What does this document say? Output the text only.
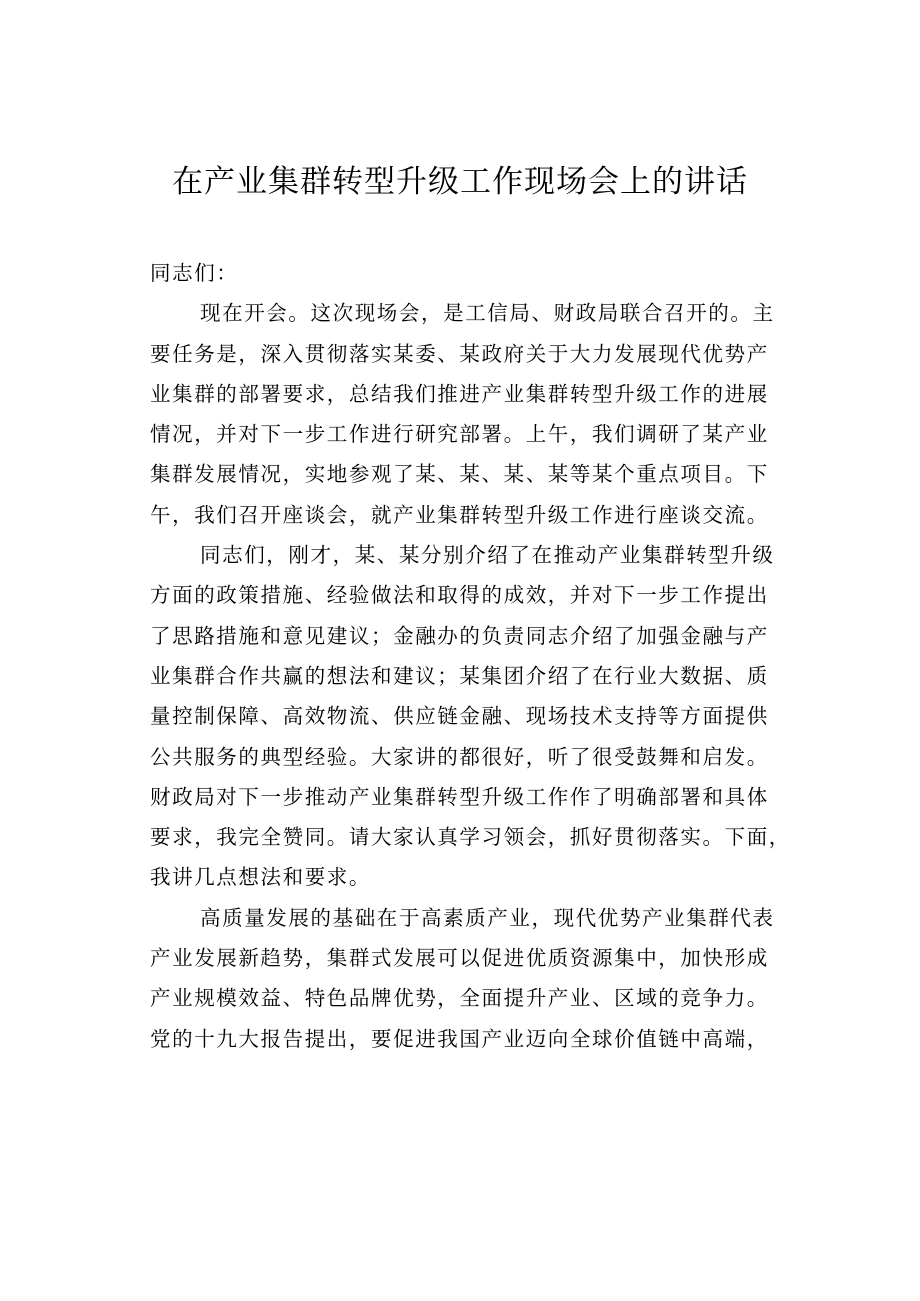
在产业集群转型升级工作现场会上的讲话
同志们：
现在开会。这次现场会，是工信局、财政局联合召开的。主
要任务是，深入贯彻落实某委、某政府关于大力发展现代优势产
业集群的部署要求，总结我们推进产业集群转型升级工作的进展
情况，并对下一步工作进行研究部署。上午，我们调研了某产业
集群发展情况，实地参观了某、某、某、某等某个重点项目。下
午，我们召开座谈会，就产业集群转型升级工作进行座谈交流。
同志们，刚才，某、某分别介绍了在推动产业集群转型升级
方面的政策措施、经验做法和取得的成效，并对下一步工作提出
了思路措施和意见建议；金融办的负责同志介绍了加强金融与产
业集群合作共赢的想法和建议；某集团介绍了在行业大数据、质
量控制保障、高效物流、供应链金融、现场技术支持等方面提供
公共服务的典型经验。大家讲的都很好，听了很受鼓舞和启发。
财政局对下一步推动产业集群转型升级工作作了明确部署和具体
要求，我完全赞同。请大家认真学习领会，抓好贯彻落实。下面，
我讲几点想法和要求。
高质量发展的基础在于高素质产业，现代优势产业集群代表
产业发展新趋势，集群式发展可以促进优质资源集中，加快形成
产业规模效益、特色品牌优势，全面提升产业、区域的竞争力。
党的十九大报告提出，要促进我国产业迈向全球价值链中高端，
